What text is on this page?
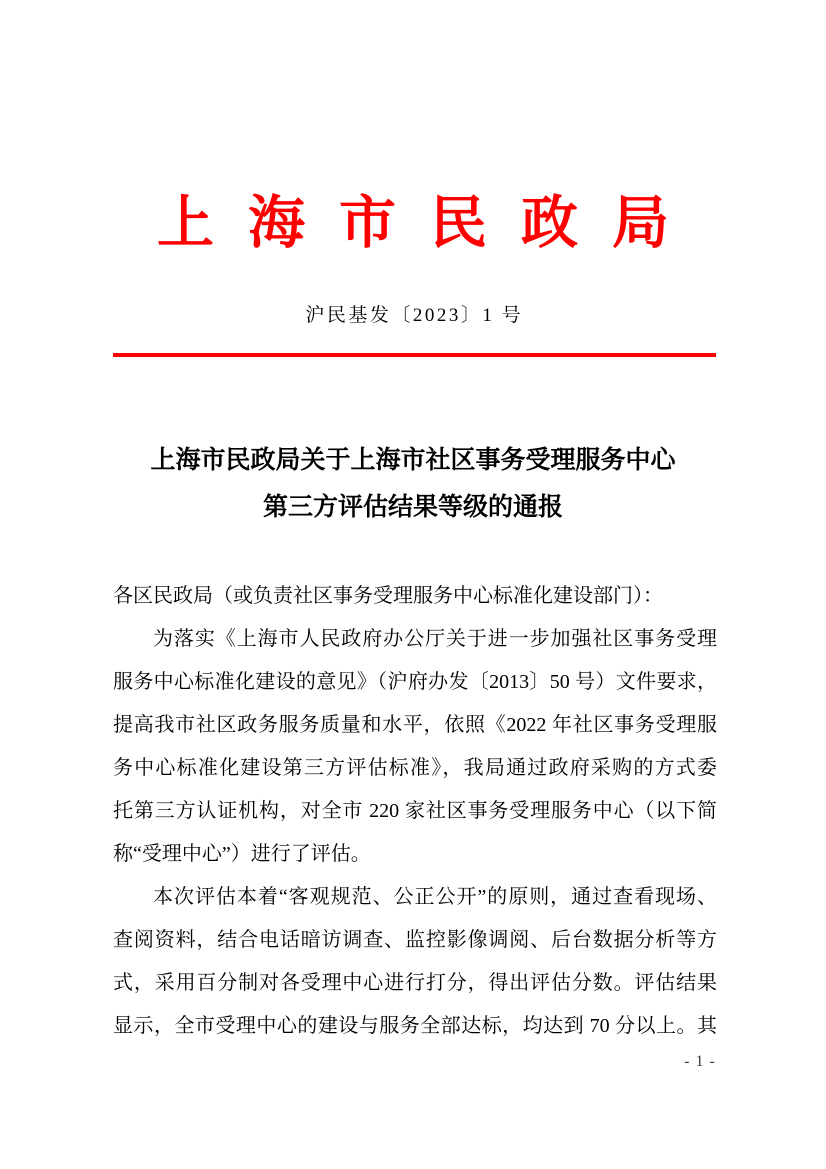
上海市民政局
沪民基发〔2023〕1 号
上海市民政局关于上海市社区事务受理服务中心
第三方评估结果等级的通报
各区民政局（或负责社区事务受理服务中心标准化建设部门）：
为落实《上海市人民政府办公厅关于进一步加强社区事务受理
服务中心标准化建设的意见》（沪府办发〔2013〕50 号）文件要求，
提高我市社区政务服务质量和水平，依照《2022 年社区事务受理服
务中心标准化建设第三方评估标准》，我局通过政府采购的方式委
托第三方认证机构，对全市 220 家社区事务受理服务中心（以下简
称“受理中心”）进行了评估。
本次评估本着“客观规范、公正公开”的原则，通过查看现场、
查阅资料，结合电话暗访调查、监控影像调阅、后台数据分析等方
式，采用百分制对各受理中心进行打分，得出评估分数。评估结果
显示，全市受理中心的建设与服务全部达标，均达到 70 分以上。其
- 1 -
